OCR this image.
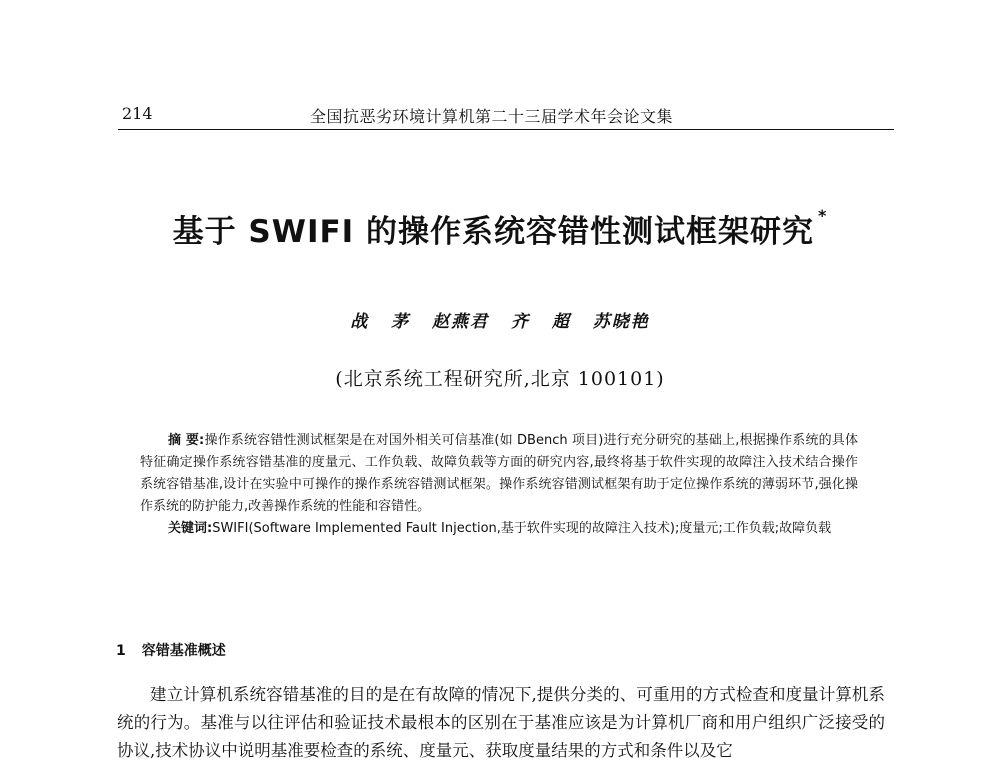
214	全国抗恶劣环境计算机第二十三届学术年会论文集
基于 SWIFI 的操作系统容错性测试框架研究 *
战 茅 赵燕君 齐 超 苏晓艳
(北京系统工程研究所,北京 100101)

摘 要:操作系统容错性测试框架是在对国外相关可信基准(如 DBench 项目)进行充分研究的基础上,根据操作系统的具体特征确定操作系统容错基准的度量元、工作负载、故障负载等方面的研究内容,最终将基于软件实现的故障注入技术结合操作系统容错基准,设计在实验中可操作的操作系统容错测试框架。操作系统容错测试框架有助于定位操作系统的薄弱环节,强化操作系统的防护能力,改善操作系统的性能和容错性。

关键词:SWIFI(Software Implemented Fault Injection,基于软件实现的故障注入技术);度量元;工作负载;故障负载

1 容错基准概述

建立计算机系统容错基准的目的是在有故障的情况下,提供分类的、可重用的方式检查和度量计算机系统的行为。基准与以往评估和验证技术最根本的区别在于基准应该是为计算机厂商和用户组织广泛接受的协议,技术协议中说明基准要检查的系统、度量元、获取度量结果的方式和条件以及它
